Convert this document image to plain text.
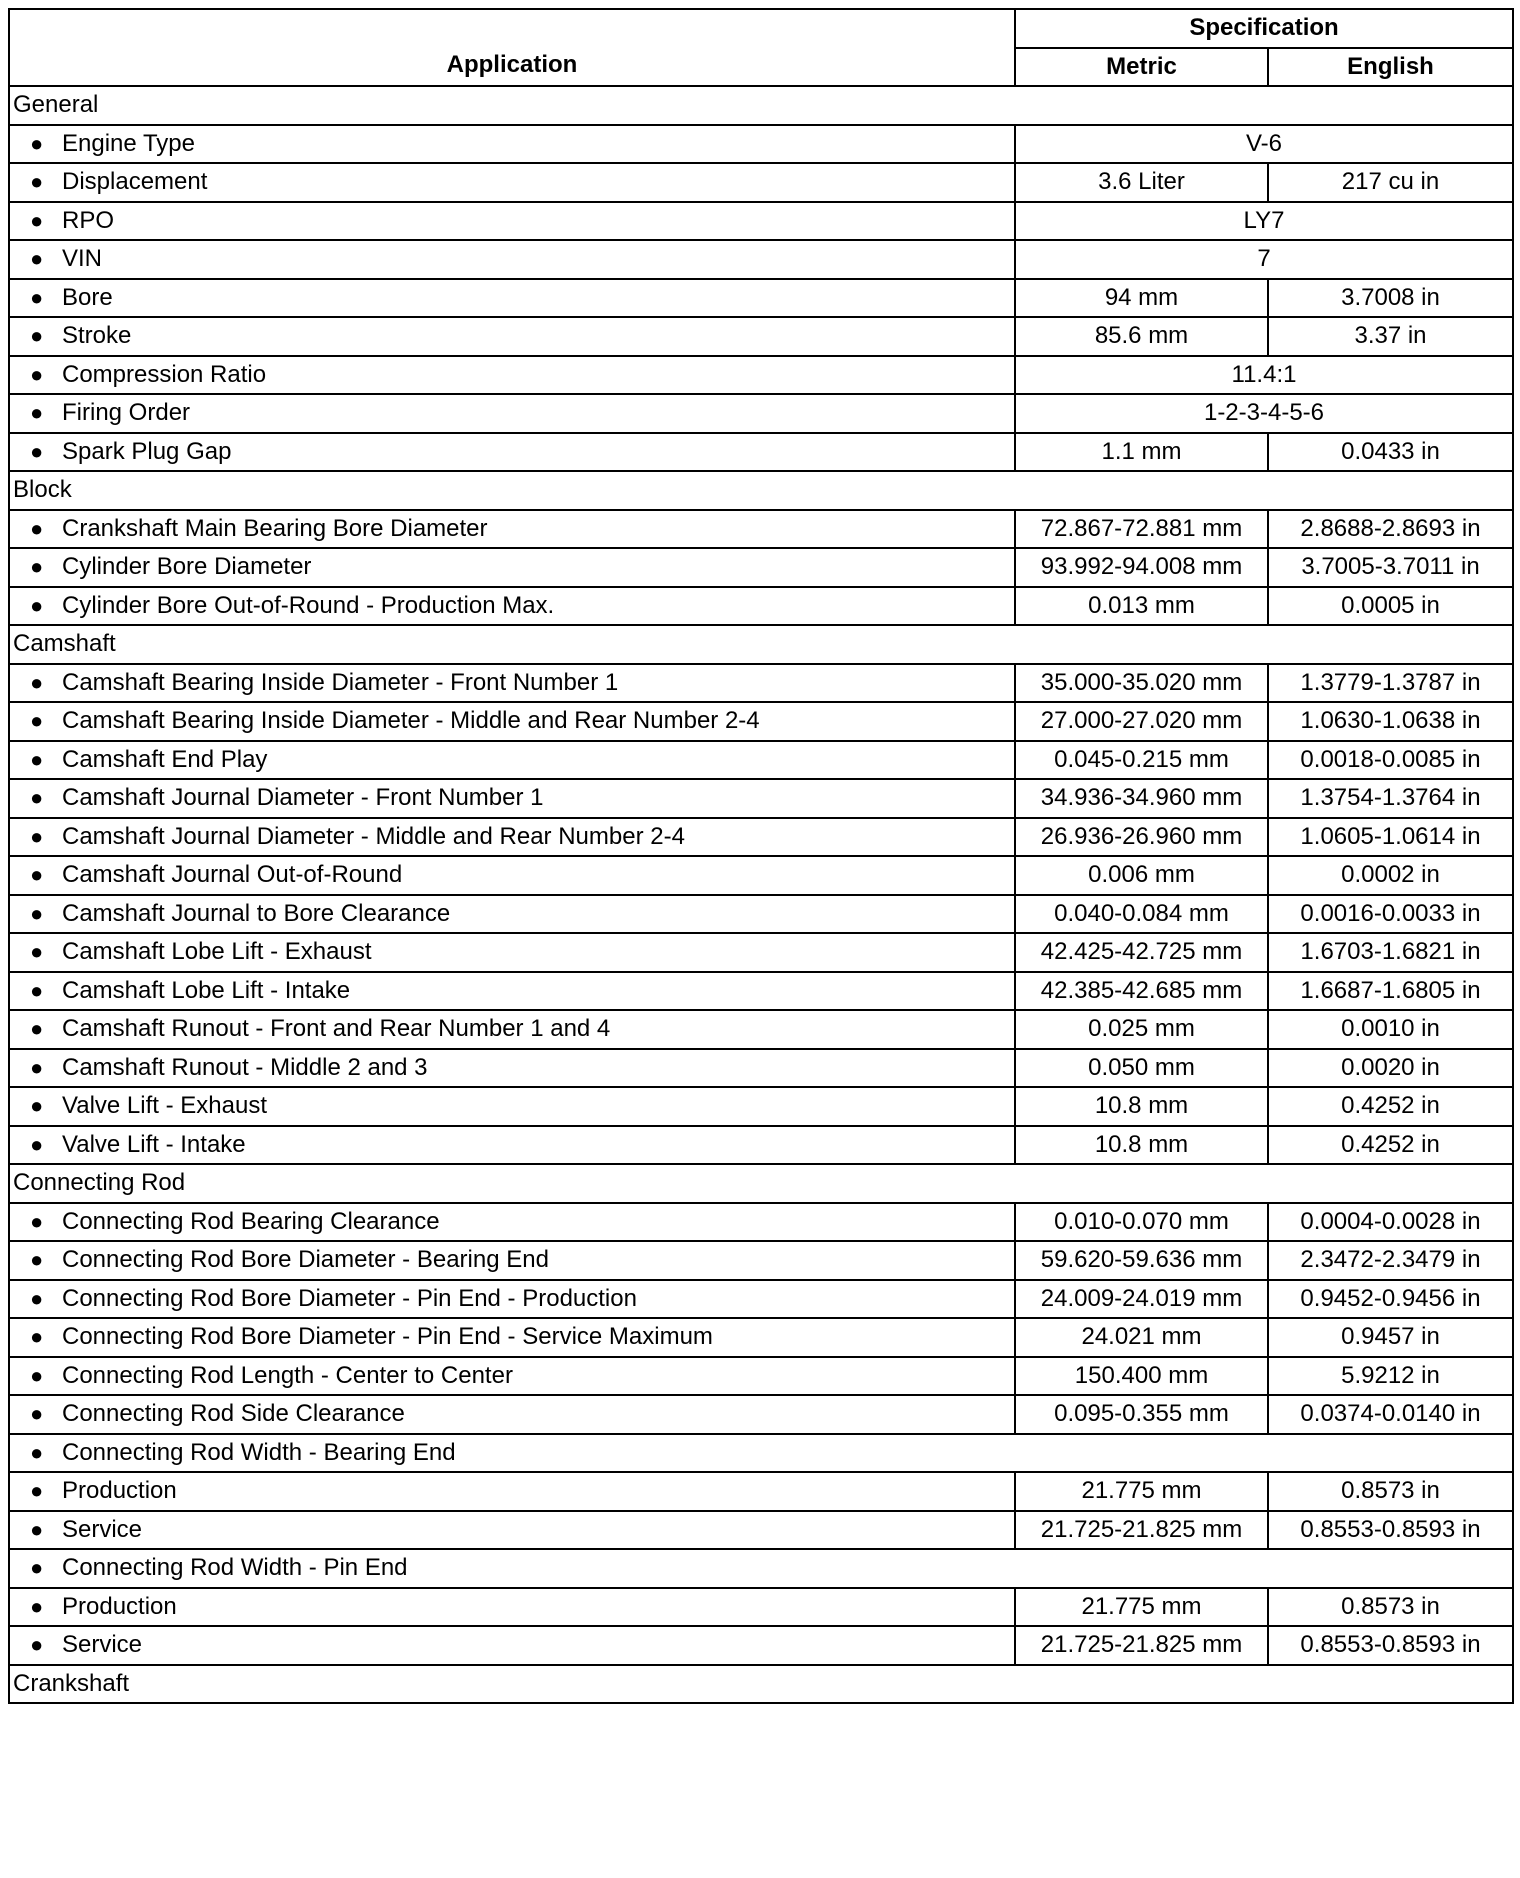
Application	Specification	
	Metric	English
General		
● Engine Type	V-6	
● Displacement	3.6 Liter	217 cu in
● RPO	LY7	
● VIN	7	
● Bore	94 mm	3.7008 in
● Stroke	85.6 mm	3.37 in
● Compression Ratio	11.4:1	
● Firing Order	1-2-3-4-5-6	
● Spark Plug Gap	1.1 mm	0.0433 in
Block		
● Crankshaft Main Bearing Bore Diameter	72.867-72.881 mm	2.8688-2.8693 in
● Cylinder Bore Diameter	93.992-94.008 mm	3.7005-3.7011 in
● Cylinder Bore Out-of-Round - Production Max.	0.013 mm	0.0005 in
Camshaft		
● Camshaft Bearing Inside Diameter - Front Number 1	35.000-35.020 mm	1.3779-1.3787 in
● Camshaft Bearing Inside Diameter - Middle and Rear Number 2-4	27.000-27.020 mm	1.0630-1.0638 in
● Camshaft End Play	0.045-0.215 mm	0.0018-0.0085 in
● Camshaft Journal Diameter - Front Number 1	34.936-34.960 mm	1.3754-1.3764 in
● Camshaft Journal Diameter - Middle and Rear Number 2-4	26.936-26.960 mm	1.0605-1.0614 in
● Camshaft Journal Out-of-Round	0.006 mm	0.0002 in
● Camshaft Journal to Bore Clearance	0.040-0.084 mm	0.0016-0.0033 in
● Camshaft Lobe Lift - Exhaust	42.425-42.725 mm	1.6703-1.6821 in
● Camshaft Lobe Lift - Intake	42.385-42.685 mm	1.6687-1.6805 in
● Camshaft Runout - Front and Rear Number 1 and 4	0.025 mm	0.0010 in
● Camshaft Runout - Middle 2 and 3	0.050 mm	0.0020 in
● Valve Lift - Exhaust	10.8 mm	0.4252 in
● Valve Lift - Intake	10.8 mm	0.4252 in
Connecting Rod		
● Connecting Rod Bearing Clearance	0.010-0.070 mm	0.0004-0.0028 in
● Connecting Rod Bore Diameter - Bearing End	59.620-59.636 mm	2.3472-2.3479 in
● Connecting Rod Bore Diameter - Pin End - Production	24.009-24.019 mm	0.9452-0.9456 in
● Connecting Rod Bore Diameter - Pin End - Service Maximum	24.021 mm	0.9457 in
● Connecting Rod Length - Center to Center	150.400 mm	5.9212 in
● Connecting Rod Side Clearance	0.095-0.355 mm	0.0374-0.0140 in
● Connecting Rod Width - Bearing End		
● Production	21.775 mm	0.8573 in
● Service	21.725-21.825 mm	0.8553-0.8593 in
● Connecting Rod Width - Pin End		
● Production	21.775 mm	0.8573 in
● Service	21.725-21.825 mm	0.8553-0.8593 in
Crankshaft		
